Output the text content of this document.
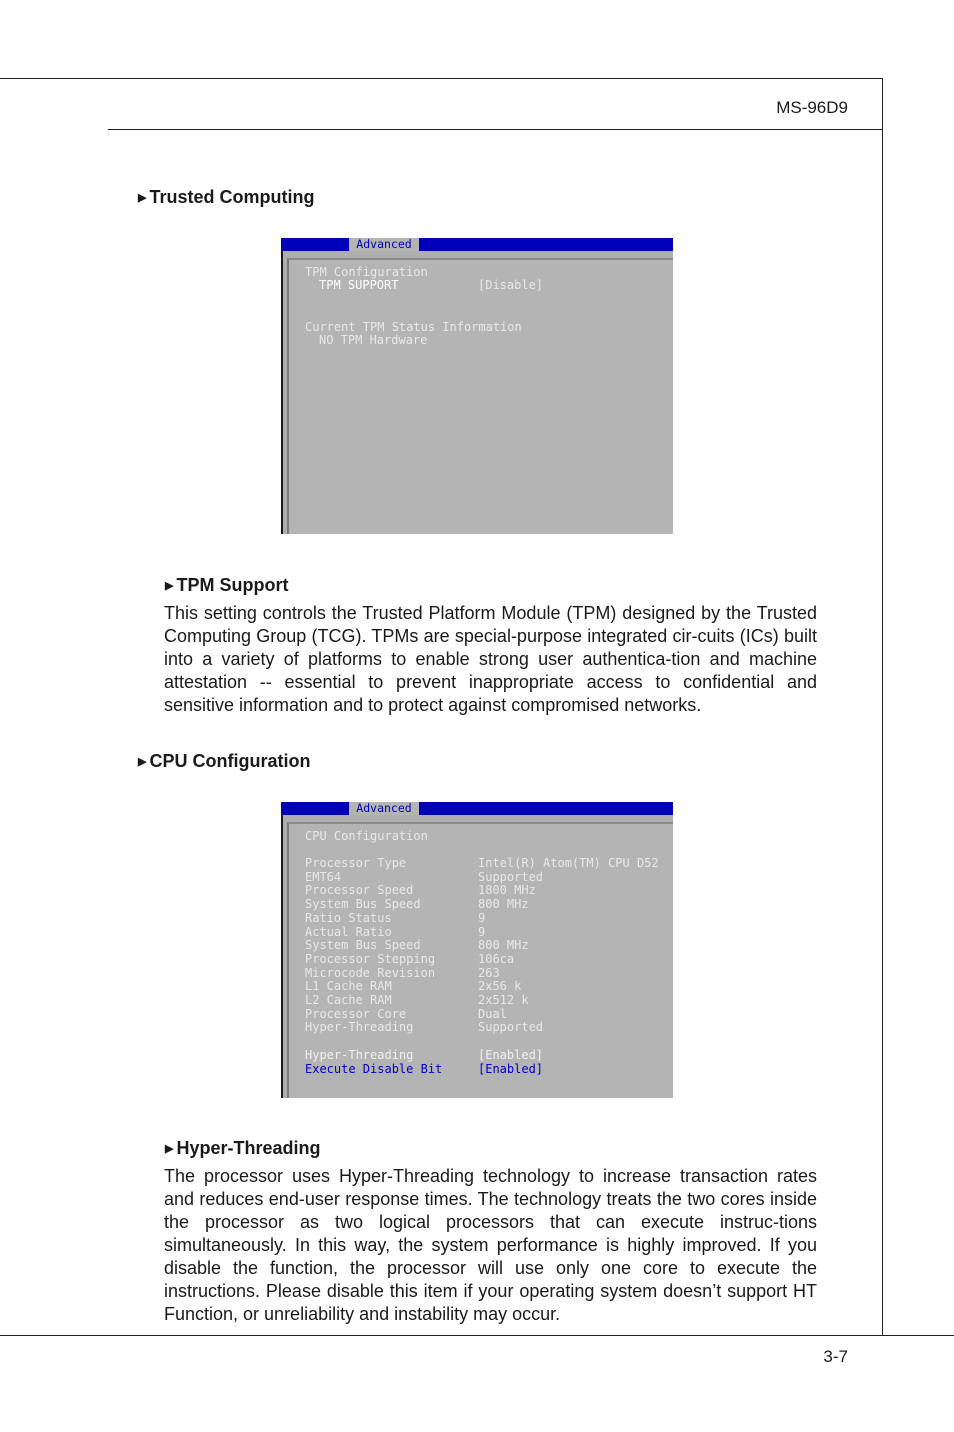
MS-96D9
▶ Trusted Computing
Advanced
TPM Configuration
TPM SUPPORT	[Disable]
Current TPM Status Information
NO TPM Hardware
▶ TPM Support
This setting controls the Trusted Platform Module (TPM) designed by the Trusted Computing Group (TCG). TPMs are special-purpose integrated cir-cuits (ICs) built into a variety of platforms to enable strong user authentica-tion and machine attestation -- essential to prevent inappropriate access to confidential and sensitive information and to protect against compromised networks.
▶ CPU Configuration
Advanced
CPU Configuration
Processor Type	Intel(R) Atom(TM) CPU D52
EMT64	Supported
Processor Speed	1800 MHz
System Bus Speed	800 MHz
Ratio Status	9
Actual Ratio	9
System Bus Speed	800 MHz
Processor Stepping	106ca
Microcode Revision	263
L1 Cache RAM	2x56 k
L2 Cache RAM	2x512 k
Processor Core	Dual
Hyper-Threading	Supported
Hyper-Threading	[Enabled]
Execute Disable Bit	[Enabled]
▶ Hyper-Threading
The processor uses Hyper-Threading technology to increase transaction rates and reduces end-user response times. The technology treats the two cores inside the processor as two logical processors that can execute instruc-tions simultaneously. In this way, the system performance is highly improved. If you disable the function, the processor will use only one core to execute the instructions. Please disable this item if your operating system doesn’t support HT Function, or unreliability and instability may occur.
3-7
